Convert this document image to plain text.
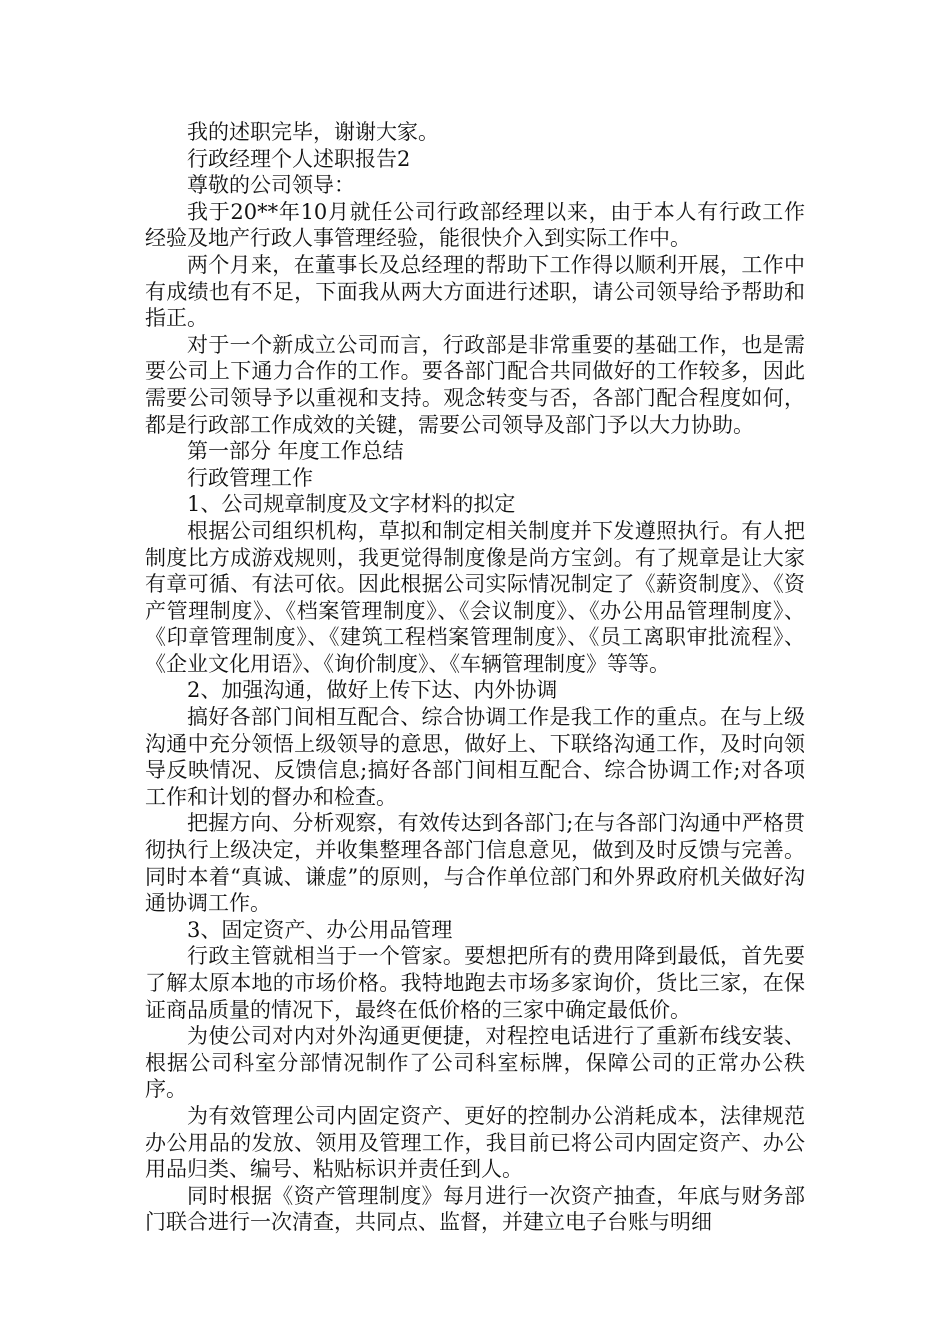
我的述职完毕，谢谢大家。

行政经理个人述职报告2

尊敬的公司领导：

我于20**年10月就任公司行政部经理以来，由于本人有行政工作经验及地产行政人事管理经验，能很快介入到实际工作中。

两个月来，在董事长及总经理的帮助下工作得以顺利开展，工作中有成绩也有不足，下面我从两大方面进行述职，请公司领导给予帮助和指正。

对于一个新成立公司而言，行政部是非常重要的基础工作，也是需要公司上下通力合作的工作。要各部门配合共同做好的工作较多，因此需要公司领导予以重视和支持。观念转变与否，各部门配合程度如何，都是行政部工作成效的关键，需要公司领导及部门予以大力协助。

第一部分 年度工作总结

行政管理工作

1、公司规章制度及文字材料的拟定

根据公司组织机构，草拟和制定相关制度并下发遵照执行。有人把制度比方成游戏规则，我更觉得制度像是尚方宝剑。有了规章是让大家有章可循、有法可依。因此根据公司实际情况制定了《薪资制度》、《资产管理制度》、《档案管理制度》、《会议制度》、《办公用品管理制度》、《印章管理制度》、《建筑工程档案管理制度》、《员工离职审批流程》、《企业文化用语》、《询价制度》、《车辆管理制度》等等。

2、加强沟通，做好上传下达、内外协调

搞好各部门间相互配合、综合协调工作是我工作的重点。在与上级沟通中充分领悟上级领导的意思，做好上、下联络沟通工作，及时向领导反映情况、反馈信息;搞好各部门间相互配合、综合协调工作;对各项工作和计划的督办和检查。

把握方向、分析观察，有效传达到各部门;在与各部门沟通中严格贯彻执行上级决定，并收集整理各部门信息意见，做到及时反馈与完善。同时本着“真诚、谦虚”的原则，与合作单位部门和外界政府机关做好沟通协调工作。

3、固定资产、办公用品管理

行政主管就相当于一个管家。要想把所有的费用降到最低，首先要了解太原本地的市场价格。我特地跑去市场多家询价，货比三家，在保证商品质量的情况下，最终在低价格的三家中确定最低价。

为使公司对内对外沟通更便捷，对程控电话进行了重新布线安装、根据公司科室分部情况制作了公司科室标牌，保障公司的正常办公秩序。

为有效管理公司内固定资产、更好的控制办公消耗成本，法律规范办公用品的发放、领用及管理工作，我目前已将公司内固定资产、办公用品归类、编号、粘贴标识并责任到人。

同时根据《资产管理制度》每月进行一次资产抽查，年底与财务部门联合进行一次清查，共同点、监督，并建立电子台账与明细
